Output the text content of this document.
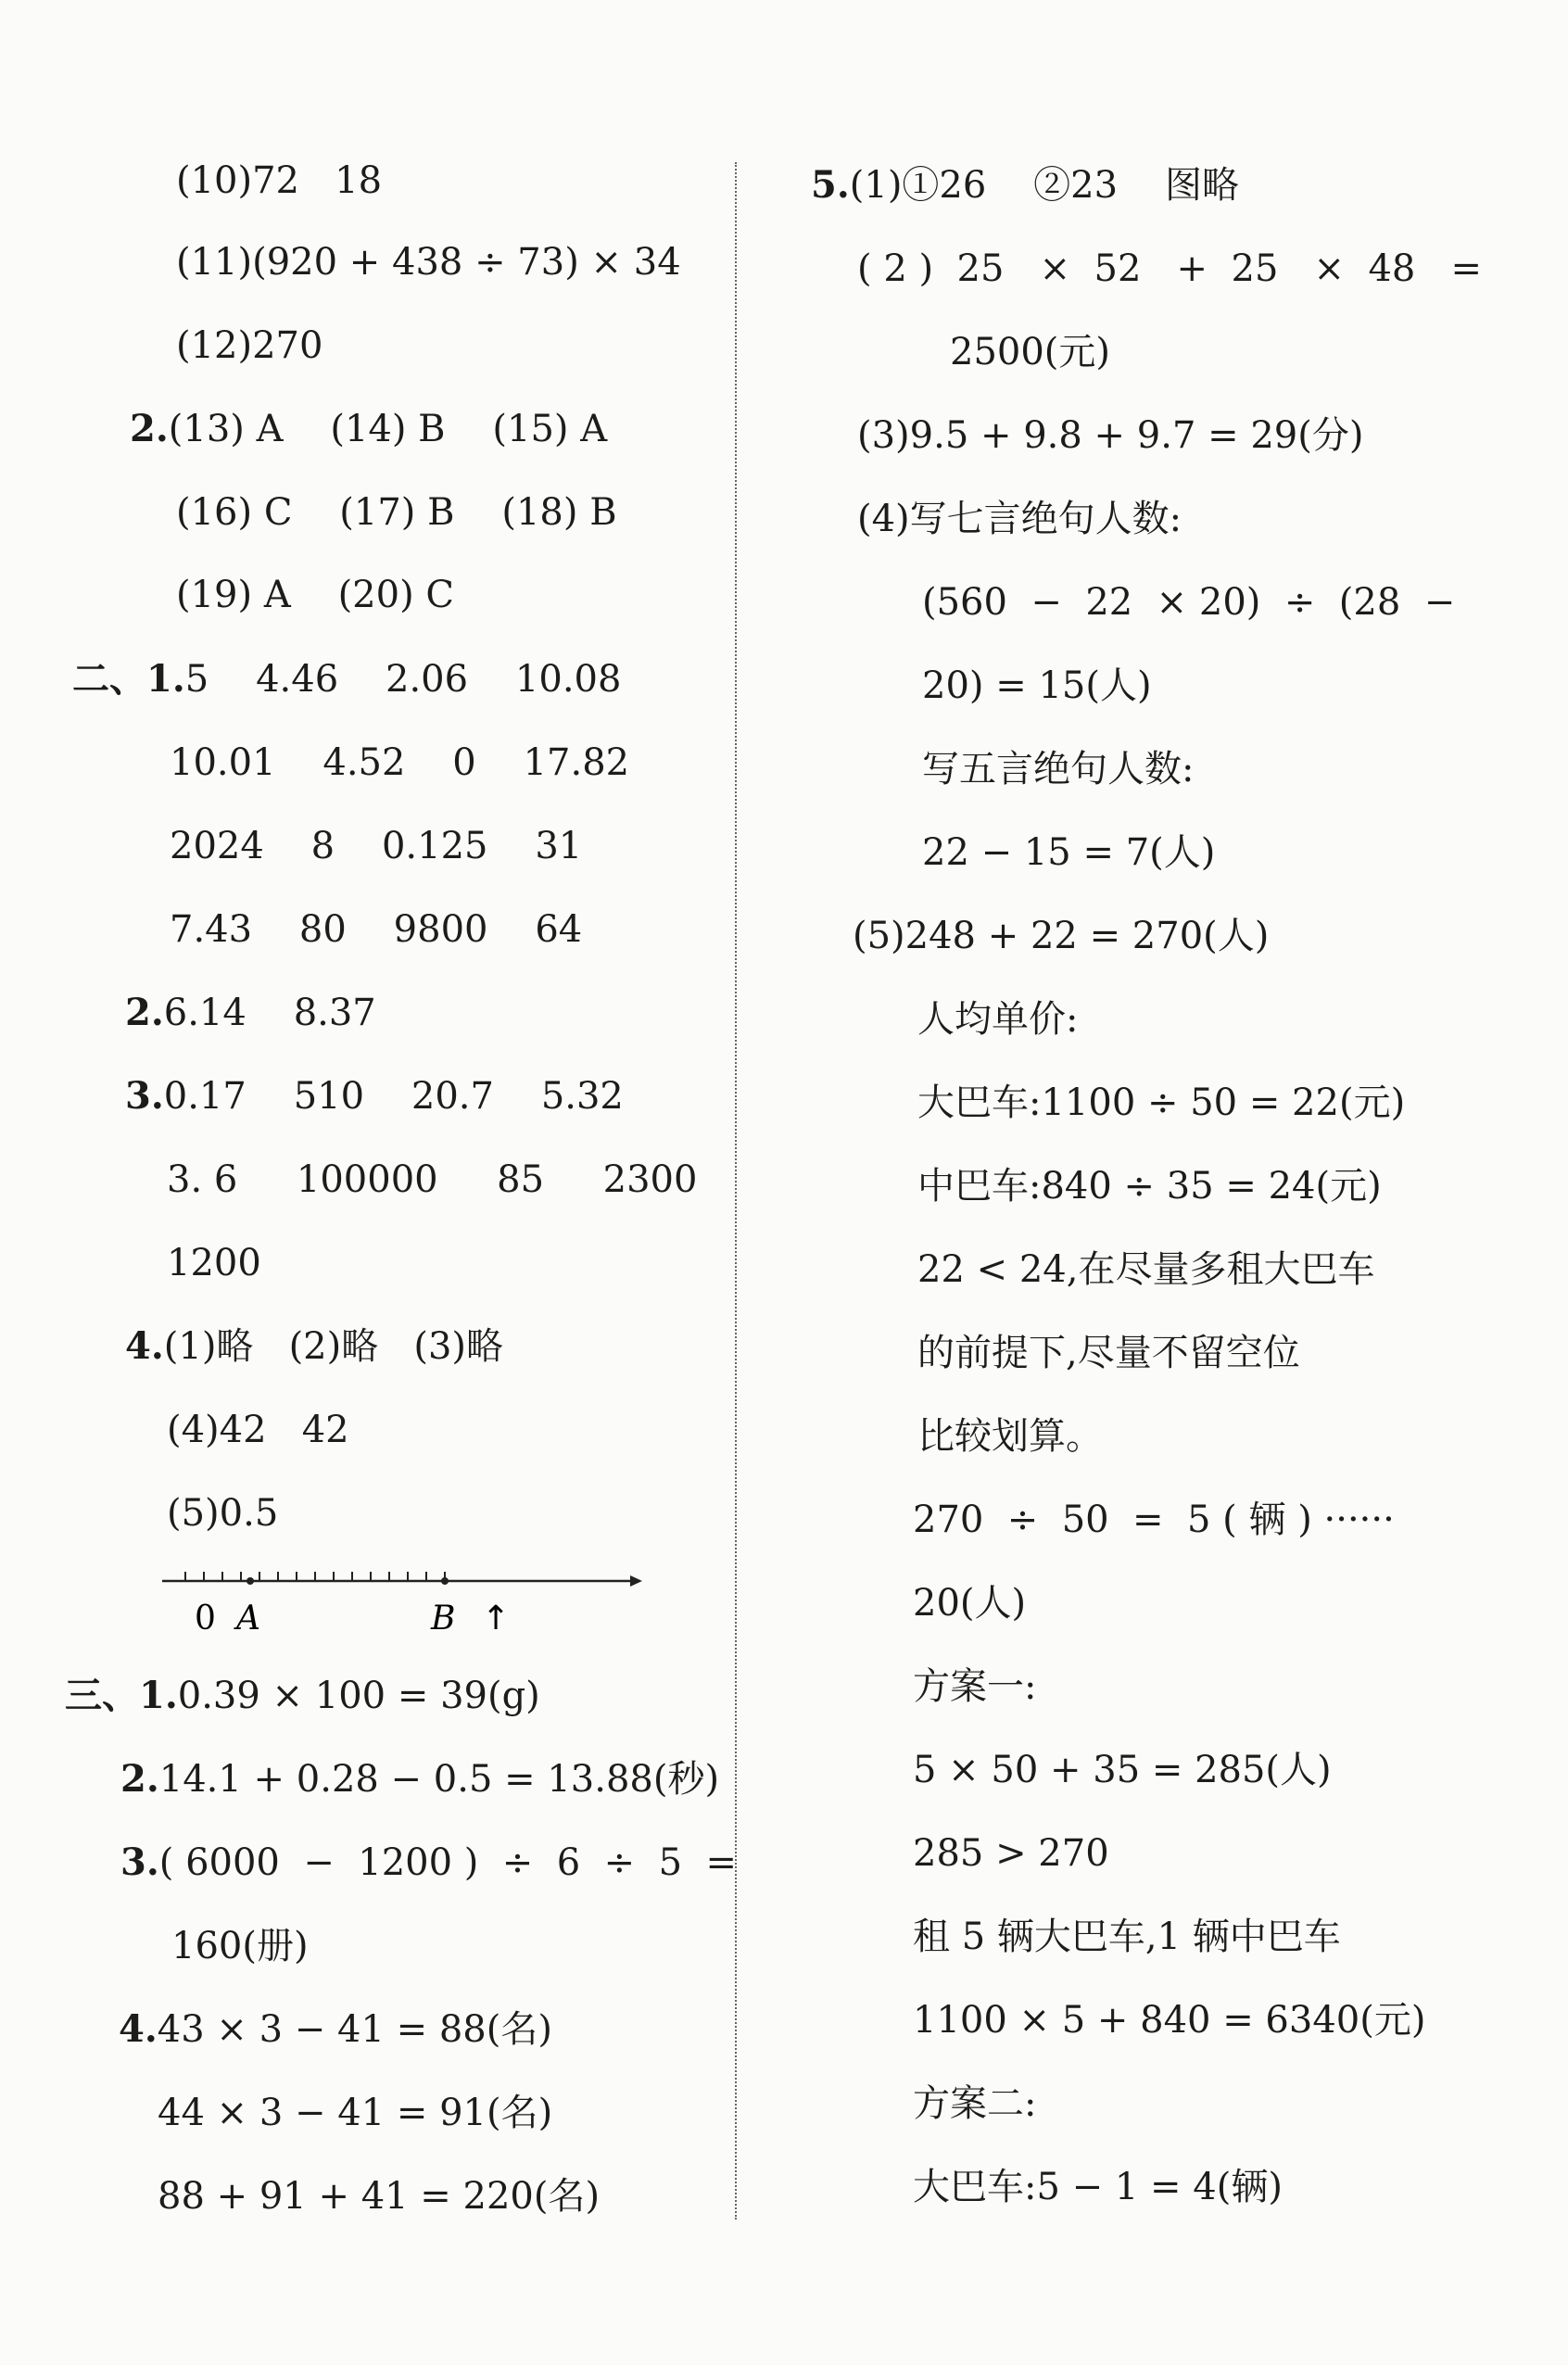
(10)72   18
(11)(920 + 438 ÷ 73) × 34
(12)270
2.(13) A    (14) B    (15) A
(16) C    (17) B    (18) B
(19) A    (20) C
二、1.5    4.46    2.06    10.08
10.01    4.52    0    17.82
2024    8    0.125    31
7.43    80    9800    64
2.6.14    8.37
3.0.17    510    20.7    5.32
3. 6     100000     85     2300
1200
4.(1)略   (2)略   (3)略
(4)42   42
(5)0.5
三、1.0.39 × 100 = 39(g)
2.14.1 + 0.28 − 0.5 = 13.88(秒)
3.( 6000  −  1200 )  ÷  6  ÷  5  =
160(册)
4.43 × 3 − 41 = 88(名)
44 × 3 − 41 = 91(名)
88 + 91 + 41 = 220(名)
5.(1)①26    ②23    图略
( 2 )  25   ×  52   +  25   ×  48   =
2500(元)
(3)9.5 + 9.8 + 9.7 = 29(分)
(4)写七言绝句人数:
(560  −  22  × 20)  ÷  (28  −
20) = 15(人)
写五言绝句人数:
22 − 15 = 7(人)
(5)248 + 22 = 270(人)
人均单价:
大巴车:1100 ÷ 50 = 22(元)
中巴车:840 ÷ 35 = 24(元)
22 < 24,在尽量多租大巴车
的前提下,尽量不留空位
比较划算。
270  ÷  50  =  5 ( 辆 ) ······
20(人)
方案一:
5 × 50 + 35 = 285(人)
285 > 270
租 5 辆大巴车,1 辆中巴车
1100 × 5 + 840 = 6340(元)
方案二:
大巴车:5 − 1 = 4(辆)
0 A	B ↑
